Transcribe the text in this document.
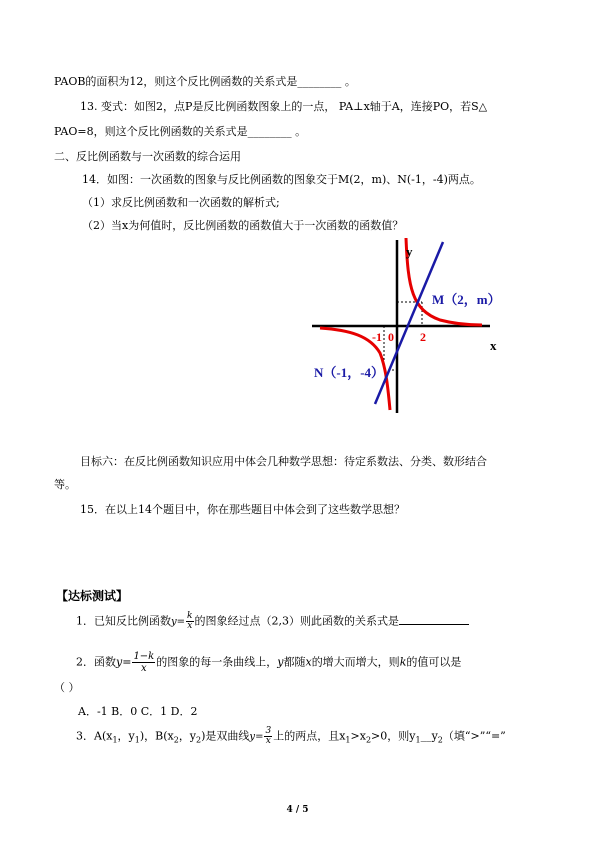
PAOB的面积为12，则这个反比例函数的关系式是________ 。
13. 变式：如图2，点P是反比例函数图象上的一点， PA⊥x轴于A，连接PO，若S△
PAO=8，则这个反比例函数的关系式是________ 。
二、反比例函数与一次函数的综合运用
14．如图：一次函数的图象与反比例函数的图象交于M(2，m)、N(-1，-4)两点。
（1）求反比例函数和一次函数的解析式;
（2）当x为何值时，反比例函数的函数值大于一次函数的函数值？
y
x
M（2，m）
N（-1，-4）
-1 0 2
目标六：在反比例函数知识应用中体会几种数学思想：待定系数法、分类、数形结合
等。
15．在以上14个题目中，你在那些题目中体会到了这些数学思想？
【达标测试】
1．已知反比例函数$y= \frac{k}{x}$ 的图象经过点（2,3）则此函数的关系式是
2．函数$y= \frac{1-k}{x}$ 的图象的每一条曲线上，y都随x的增大而增大，则k的值可以是
（ ）
A．-1 B．0 C．1 D．2
3．$A(x_1$，$y_1$)，$B(x_2$，$y_2$)是双曲线$y= \frac{3}{x}$ 上的两点，且$x_1>x_2>0$，则$y_1\_\_y_2$（填“>”“=”
4 / 5
